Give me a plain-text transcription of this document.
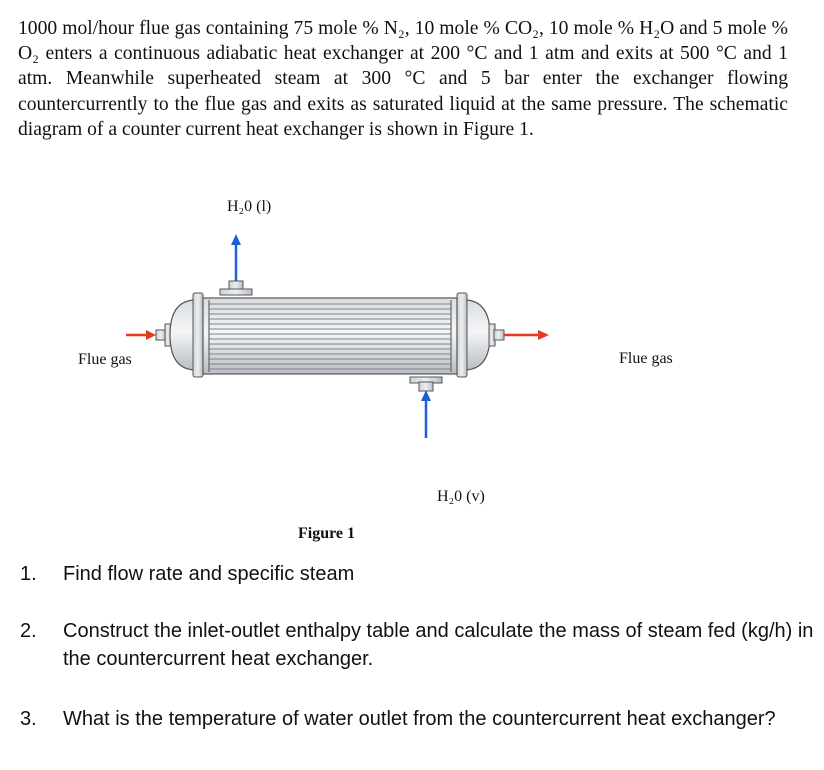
1000 mol/hour flue gas containing 75 mole % N₂, 10 mole % CO₂, 10 mole % H₂O and 5 mole % O₂ enters a continuous adiabatic heat exchanger at 200 °C and 1 atm and exits at 500 °C and 1 atm. Meanwhile superheated steam at 300 °C and 5 bar enter the exchanger flowing countercurrently to the flue gas and exits as saturated liquid at the same pressure. The schematic diagram of a counter current heat exchanger is shown in Figure 1.
H₂0 (l)
Flue gas	Flue gas
H₂0 (v)
Figure 1
1. Find flow rate and specific steam
2. Construct the inlet-outlet enthalpy table and calculate the mass of steam fed (kg/h) in the countercurrent heat exchanger.
3. What is the temperature of water outlet from the countercurrent heat exchanger?
